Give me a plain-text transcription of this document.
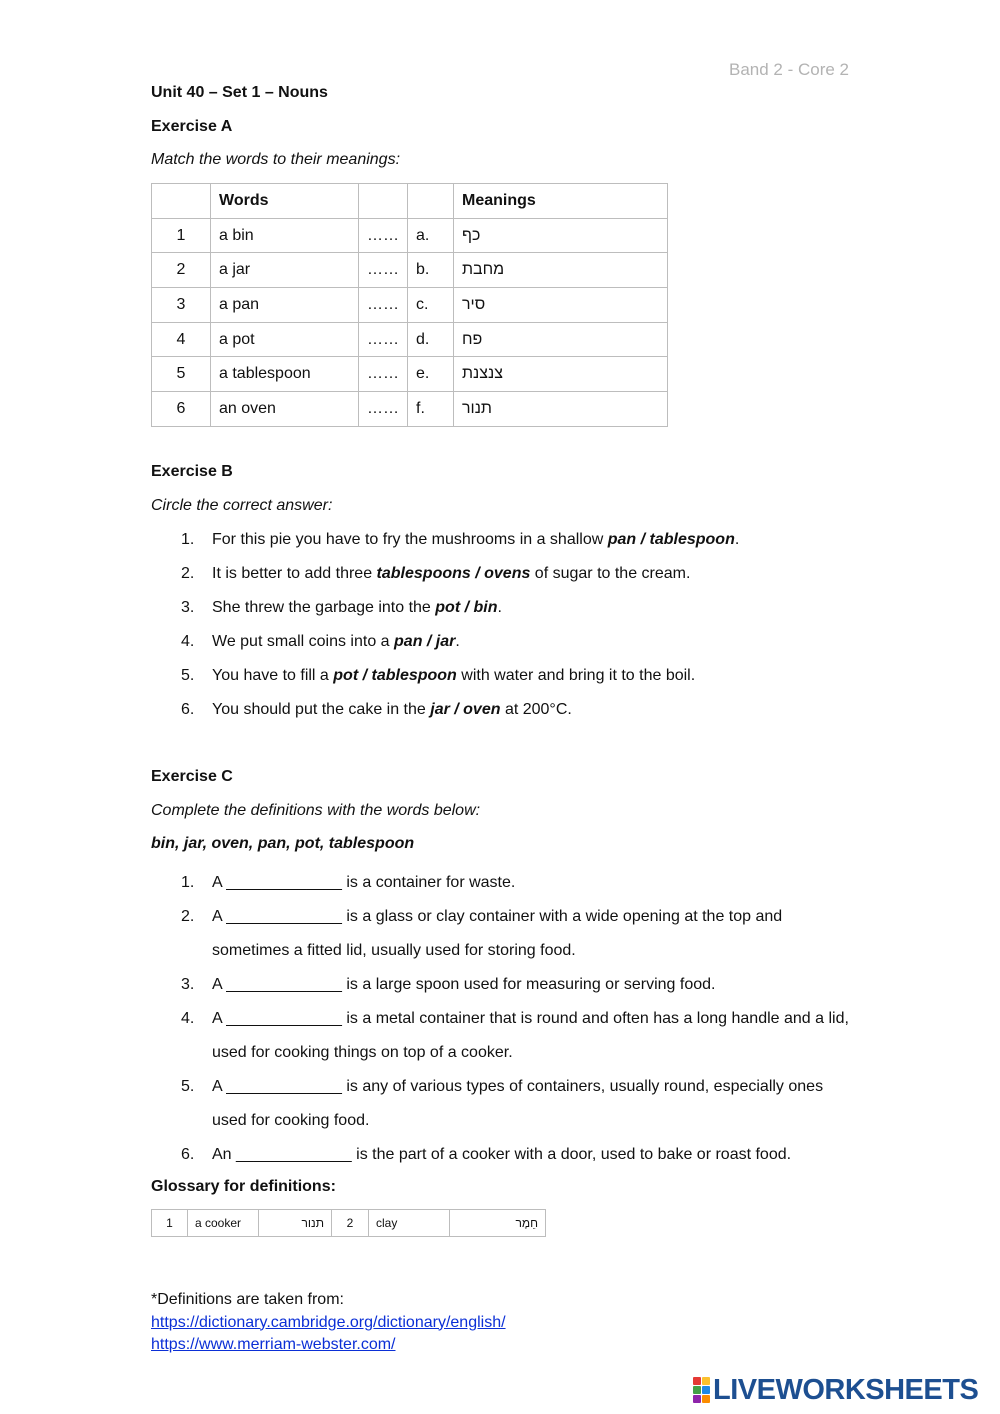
Band 2 - Core 2
Unit 40 – Set 1 – Nouns
Exercise A
Match the words to their meanings:
	Words			Meanings
1	a bin	……	a.	כף
2	a jar	……	b.	מחבת
3	a pan	……	c.	סיר
4	a pot	……	d.	פח
5	a tablespoon	……	e.	צנצנת
6	an oven	……	f.	תנור
Exercise B
Circle the correct answer:
1. For this pie you have to fry the mushrooms in a shallow pan / tablespoon.
2. It is better to add three tablespoons / ovens of sugar to the cream.
3. She threw the garbage into the pot / bin.
4. We put small coins into a pan / jar.
5. You have to fill a pot / tablespoon with water and bring it to the boil.
6. You should put the cake in the jar / oven at 200°C.
Exercise C
Complete the definitions with the words below:
bin, jar, oven, pan, pot, tablespoon
1. A _____________ is a container for waste.
2. A _____________ is a glass or clay container with a wide opening at the top and sometimes a fitted lid, usually used for storing food.
3. A _____________ is a large spoon used for measuring or serving food.
4. A _____________ is a metal container that is round and often has a long handle and a lid, used for cooking things on top of a cooker.
5. A _____________ is any of various types of containers, usually round, especially ones used for cooking food.
6. An _____________ is the part of a cooker with a door, used to bake or roast food.
Glossary for definitions:
1	a cooker	תנור	2	clay	חֵמָר
*Definitions are taken from:
https://dictionary.cambridge.org/dictionary/english/
https://www.merriam-webster.com/
LIVEWORKSHEETS
